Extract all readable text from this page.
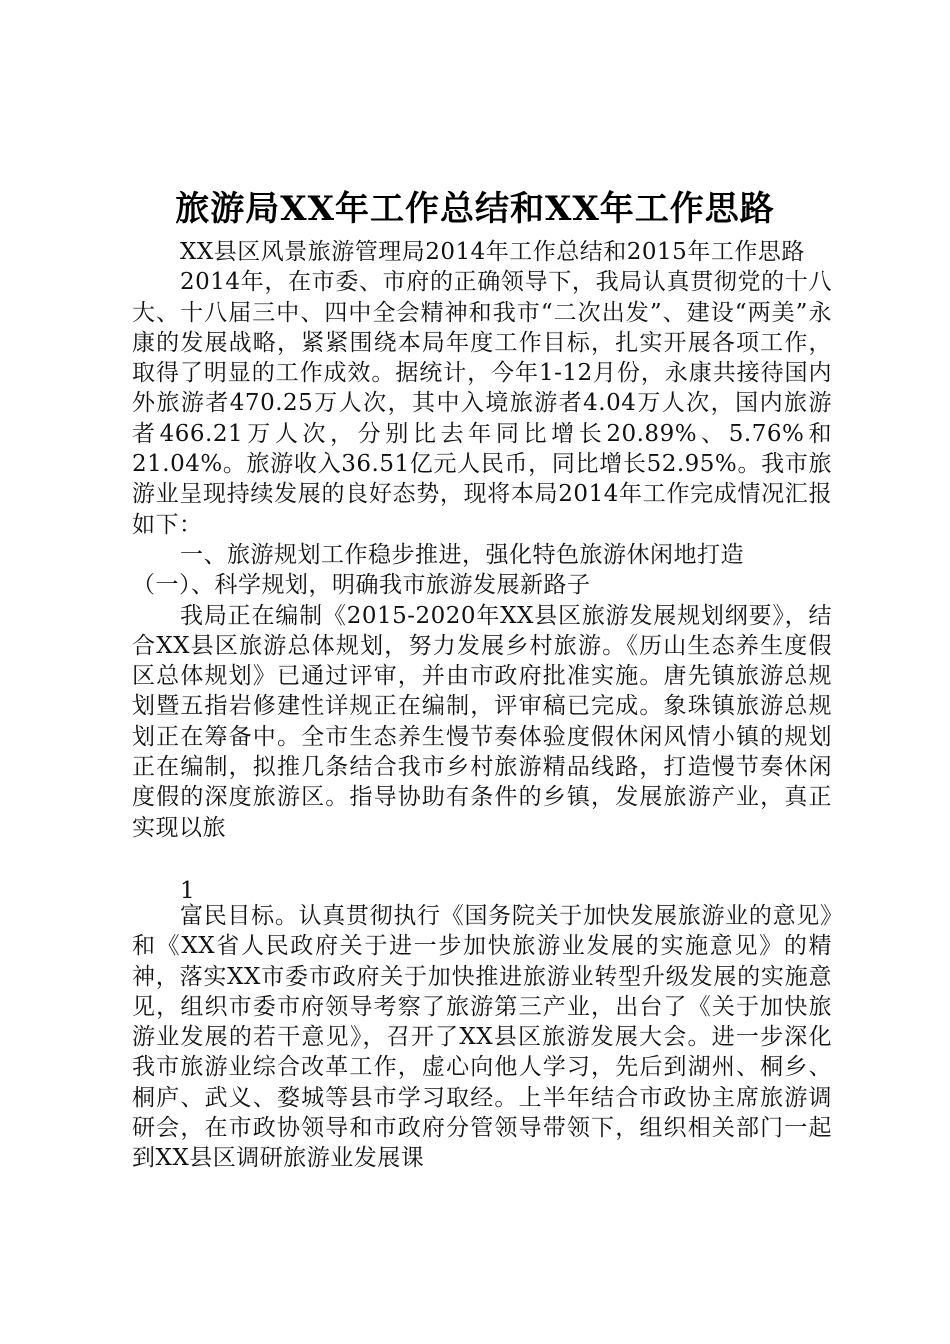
旅游局XX年工作总结和XX年工作思路

XX县区风景旅游管理局2014年工作总结和2015年工作思路

2014年，在市委、市府的正确领导下，我局认真贯彻党的十八大、十八届三中、四中全会精神和我市“二次出发”、建设“两美”永康的发展战略，紧紧围绕本局年度工作目标，扎实开展各项工作，取得了明显的工作成效。据统计，今年1-12月份，永康共接待国内外旅游者470.25万人次，其中入境旅游者4.04万人次，国内旅游者466.21万人次，分别比去年同比增长20.89%、5.76%和21.04%。旅游收入36.51亿元人民币，同比增长52.95%。我市旅游业呈现持续发展的良好态势，现将本局2014年工作完成情况汇报如下：

一、旅游规划工作稳步推进，强化特色旅游休闲地打造

（一）、科学规划，明确我市旅游发展新路子

我局正在编制《2015-2020年XX县区旅游发展规划纲要》，结合XX县区旅游总体规划，努力发展乡村旅游。《历山生态养生度假区总体规划》已通过评审，并由市政府批准实施。唐先镇旅游总规划暨五指岩修建性详规正在编制，评审稿已完成。象珠镇旅游总规划正在筹备中。全市生态养生慢节奏体验度假休闲风情小镇的规划正在编制，拟推几条结合我市乡村旅游精品线路，打造慢节奏休闲度假的深度旅游区。指导协助有条件的乡镇，发展旅游产业，真正实现以旅

1

富民目标。认真贯彻执行《国务院关于加快发展旅游业的意见》和《XX省人民政府关于进一步加快旅游业发展的实施意见》的精神，落实XX市委市政府关于加快推进旅游业转型升级发展的实施意见，组织市委市府领导考察了旅游第三产业，出台了《关于加快旅游业发展的若干意见》，召开了XX县区旅游发展大会。进一步深化我市旅游业综合改革工作，虚心向他人学习，先后到湖州、桐乡、桐庐、武义、婺城等县市学习取经。上半年结合市政协主席旅游调研会，在市政协领导和市政府分管领导带领下，组织相关部门一起到XX县区调研旅游业发展课
